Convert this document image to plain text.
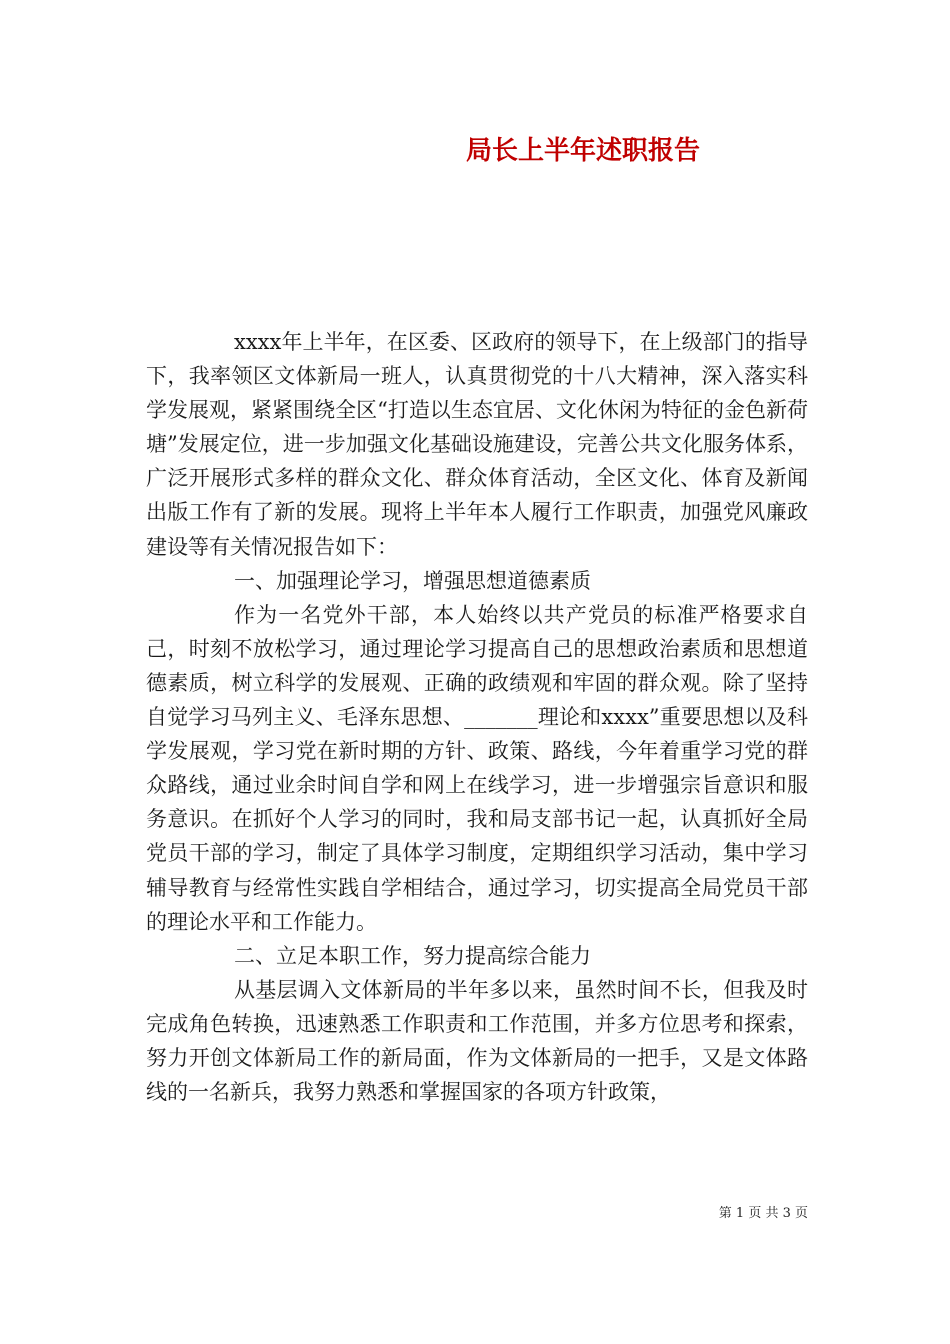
局长上半年述职报告

xxxx年上半年，在区委、区政府的领导下，在上级部门的指导下，我率领区文体新局一班人，认真贯彻党的十八大精神，深入落实科学发展观，紧紧围绕全区“打造以生态宜居、文化休闲为特征的金色新荷塘”发展定位，进一步加强文化基础设施建设，完善公共文化服务体系，广泛开展形式多样的群众文化、群众体育活动，全区文化、体育及新闻出版工作有了新的发展。现将上半年本人履行工作职责，加强党风廉政建设等有关情况报告如下：

一、加强理论学习，增强思想道德素质

作为一名党外干部，本人始终以共产党员的标准严格要求自己，时刻不放松学习，通过理论学习提高自己的思想政治素质和思想道德素质，树立科学的发展观、正确的政绩观和牢固的群众观。除了坚持自觉学习马列主义、毛泽东思想、_______理论和xxxx”重要思想以及科学发展观，学习党在新时期的方针、政策、路线，今年着重学习党的群众路线，通过业余时间自学和网上在线学习，进一步增强宗旨意识和服务意识。在抓好个人学习的同时，我和局支部书记一起，认真抓好全局党员干部的学习，制定了具体学习制度，定期组织学习活动，集中学习辅导教育与经常性实践自学相结合，通过学习，切实提高全局党员干部的理论水平和工作能力。

二、立足本职工作，努力提高综合能力

从基层调入文体新局的半年多以来，虽然时间不长，但我及时完成角色转换，迅速熟悉工作职责和工作范围，并多方位思考和探索，努力开创文体新局工作的新局面，作为文体新局的一把手，又是文体路线的一名新兵，我努力熟悉和掌握国家的各项方针政策，

第 1 页 共 3 页
